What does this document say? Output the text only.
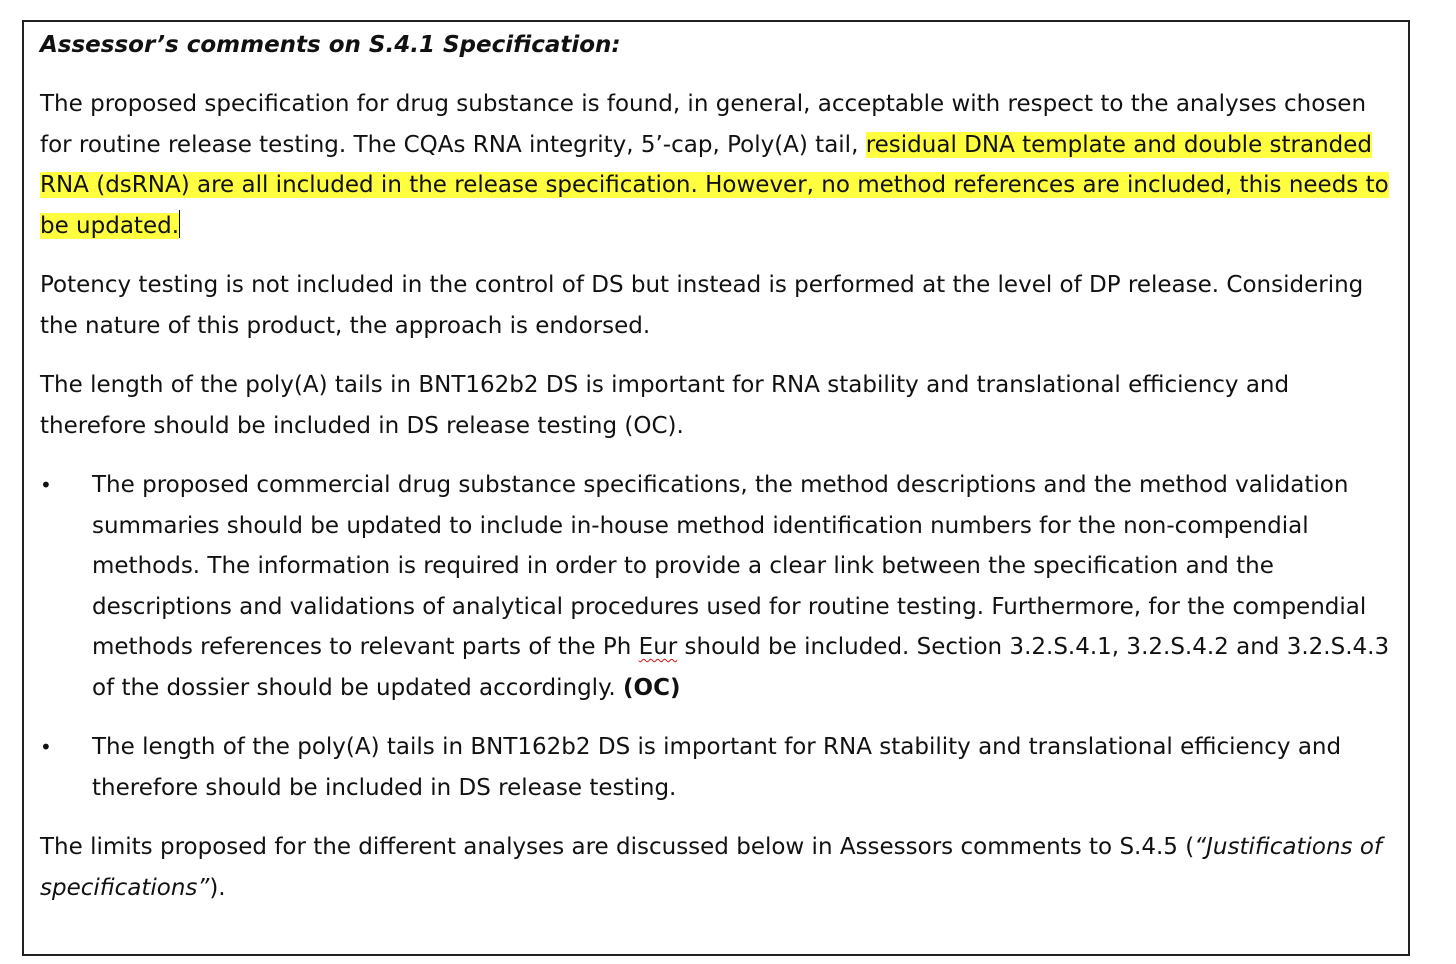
Assessor’s comments on S.4.1 Specification:

The proposed specification for drug substance is found, in general, acceptable with respect to the analyses chosen for routine release testing. The CQAs RNA integrity, 5’-cap, Poly(A) tail, residual DNA template and double stranded RNA (dsRNA) are all included in the release specification. However, no method references are included, this needs to be updated.

Potency testing is not included in the control of DS but instead is performed at the level of DP release. Considering the nature of this product, the approach is endorsed.

The length of the poly(A) tails in BNT162b2 DS is important for RNA stability and translational efficiency and therefore should be included in DS release testing (OC).

• The proposed commercial drug substance specifications, the method descriptions and the method validation summaries should be updated to include in-house method identification numbers for the non-compendial methods. The information is required in order to provide a clear link between the specification and the descriptions and validations of analytical procedures used for routine testing. Furthermore, for the compendial methods references to relevant parts of the Ph Eur should be included. Section 3.2.S.4.1, 3.2.S.4.2 and 3.2.S.4.3 of the dossier should be updated accordingly. (OC)
• The length of the poly(A) tails in BNT162b2 DS is important for RNA stability and translational efficiency and therefore should be included in DS release testing.

The limits proposed for the different analyses are discussed below in Assessors comments to S.4.5 (“Justifications of specifications”).
